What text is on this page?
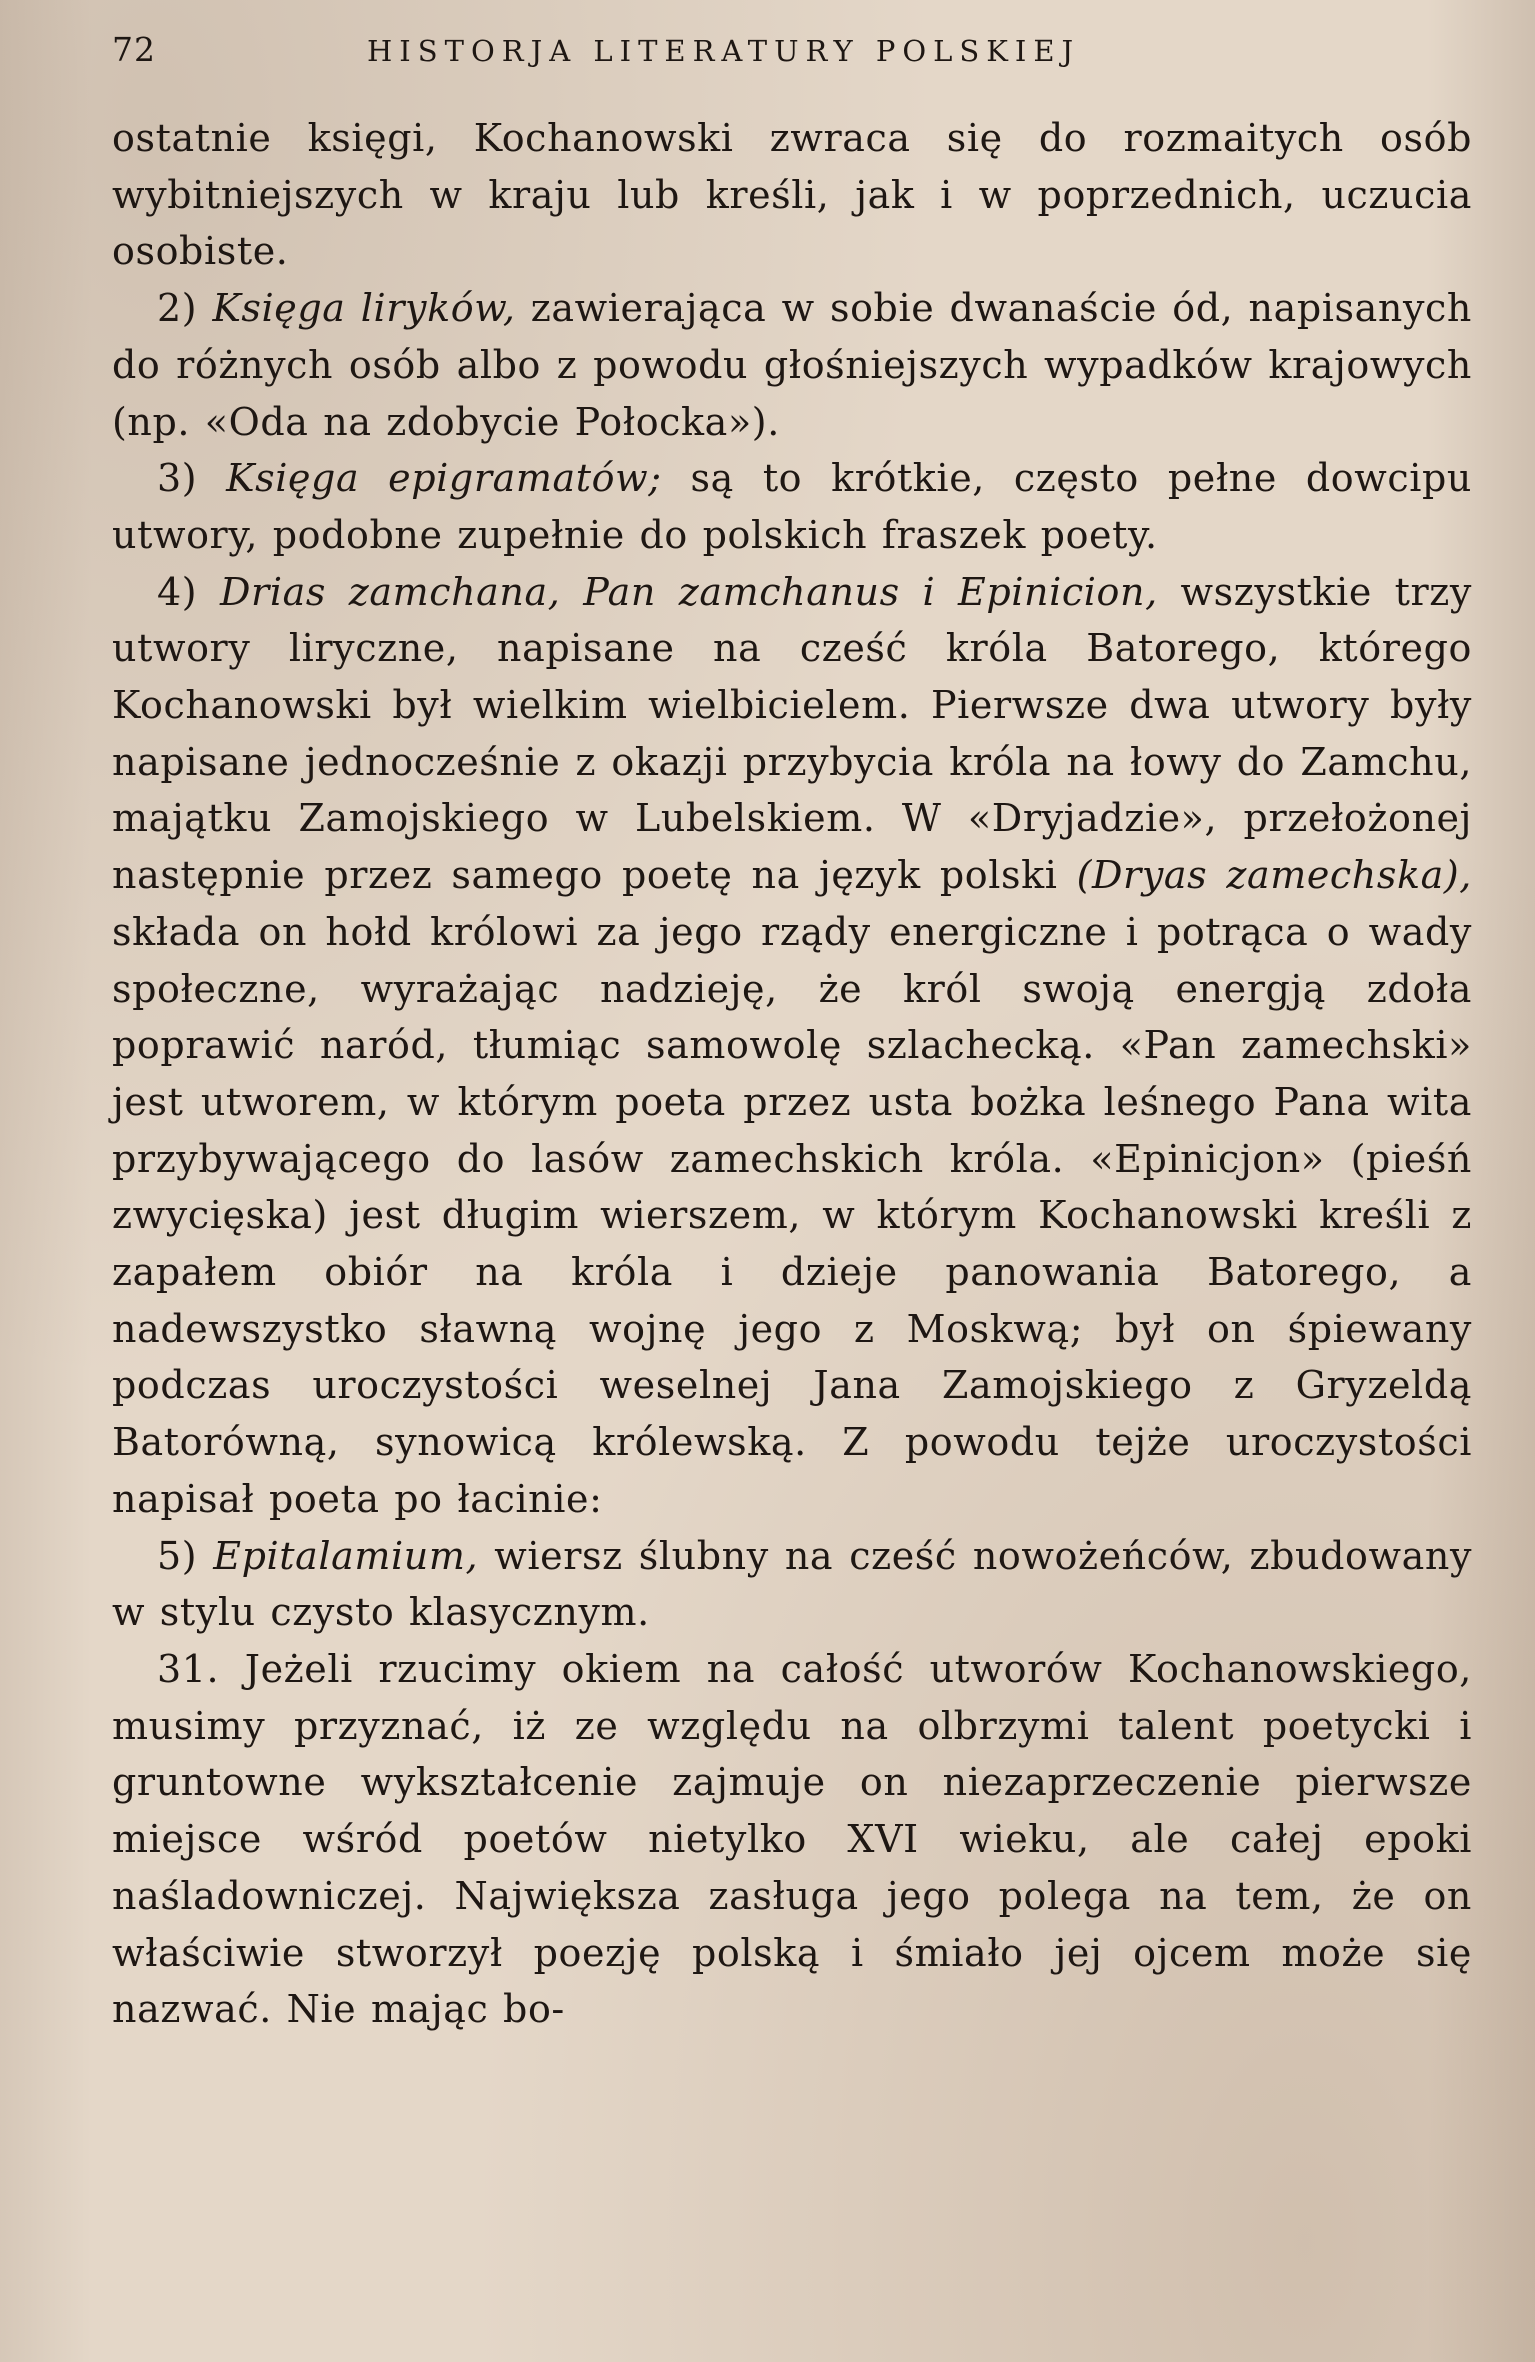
72	HISTORJA LITERATURY POLSKIEJ

ostatnie księgi, Kochanowski zwraca się do rozmaitych osób wybitniejszych w kraju lub kreśli, jak i w poprzednich, uczucia osobiste.

2) Księga liryków, zawierająca w sobie dwanaście ód, napisanych do różnych osób albo z powodu głośniejszych wypadków krajowych (np. «Oda na zdobycie Połocka»).

3) Księga epigramatów; są to krótkie, często pełne dowcipu utwory, podobne zupełnie do polskich fraszek poety.

4) Drias zamchana, Pan zamchanus i Epinicion, wszystkie trzy utwory liryczne, napisane na cześć króla Batorego, którego Kochanowski był wielkim wielbicielem. Pierwsze dwa utwory były napisane jednocześnie z okazji przybycia króla na łowy do Zamchu, majątku Zamojskiego w Lubelskiem. W «Dryjadzie», przełożonej następnie przez samego poetę na język polski (Dryas zamechska), składa on hołd królowi za jego rządy energiczne i potrąca o wady społeczne, wyrażając nadzieję, że król swoją energją zdoła poprawić naród, tłumiąc samowolę szlachecką. «Pan zamechski» jest utworem, w którym poeta przez usta bożka leśnego Pana wita przybywającego do lasów zamechskich króla. «Epinicjon» (pieśń zwycięska) jest długim wierszem, w którym Kochanowski kreśli z zapałem obiór na króla i dzieje panowania Batorego, a nadewszystko sławną wojnę jego z Moskwą; był on śpiewany podczas uroczystości weselnej Jana Zamojskiego z Gryzeldą Batorówną, synowicą królewską. Z powodu tejże uroczystości napisał poeta po łacinie:

5) Epitalamium, wiersz ślubny na cześć nowożeńców, zbudowany w stylu czysto klasycznym.

31. Jeżeli rzucimy okiem na całość utworów Kochanowskiego, musimy przyznać, iż ze względu na olbrzymi talent poetycki i gruntowne wykształcenie zajmuje on niezaprzeczenie pierwsze miejsce wśród poetów nietylko XVI wieku, ale całej epoki naśladowniczej. Największa zasługa jego polega na tem, że on właściwie stworzył poezję polską i śmiało jej ojcem może się nazwać. Nie mając bo-
